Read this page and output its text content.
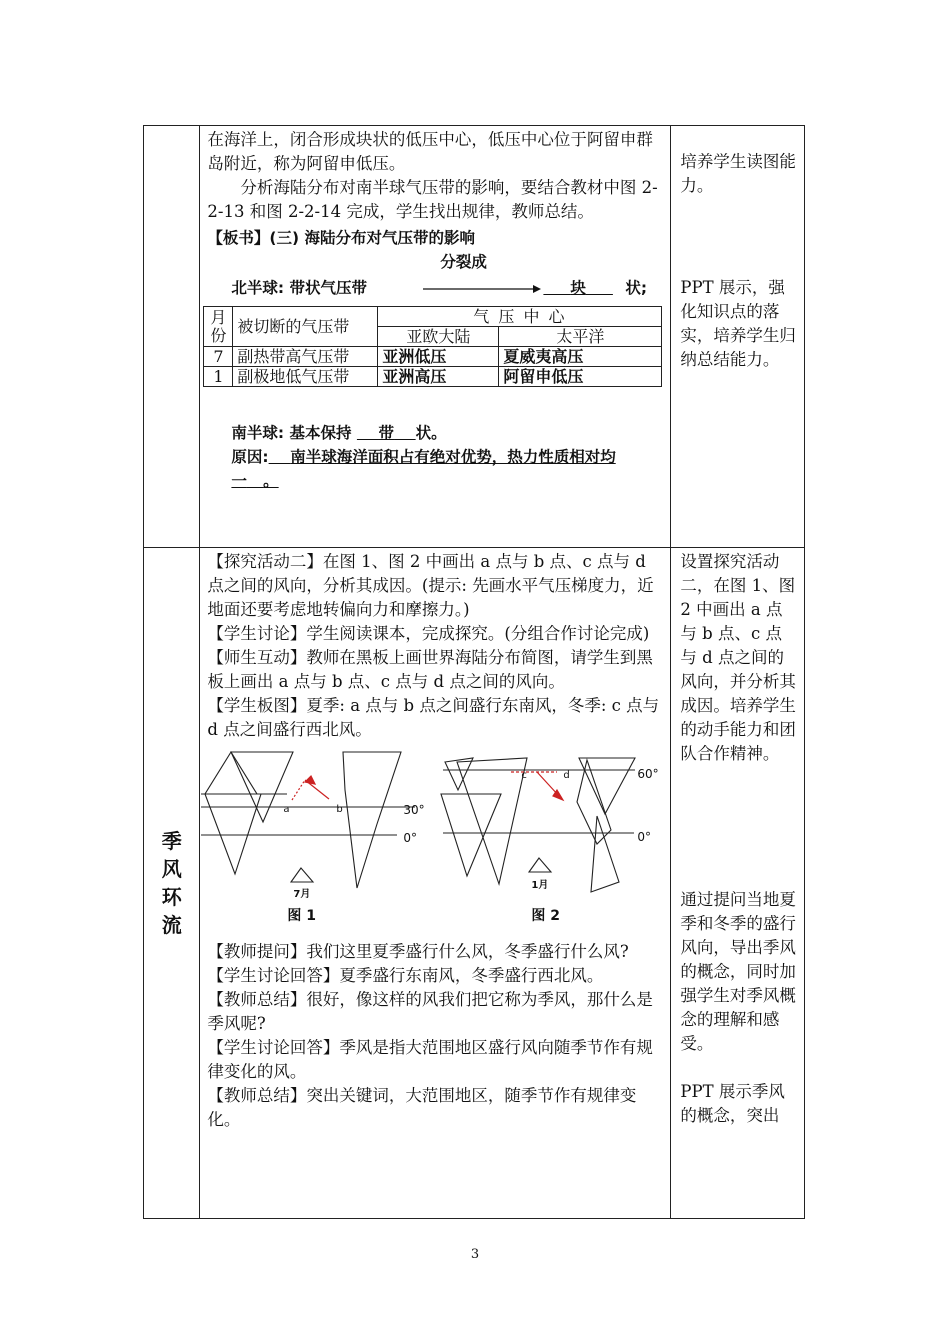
在海洋上，闭合形成块状的低压中心，低压中心位于阿留申群岛附近，称为阿留申低压。

分析海陆分布对南半球气压带的影响，要结合教材中图 2-2-13 和图 2-2-14 完成，学生找出规律，教师总结。

【板书】(三) 海陆分布对气压带的影响

分裂成

北半球: 带状气压带	块	状;

月份	被切断的气压带	气 压 中 心
亚欧大陆	太平洋
7	副热带高气压带	亚洲低压	夏威夷高压
1	副极地低气压带	亚洲高压	阿留申低压

南半球: 基本保持 带 状。

原因: 南半球海洋面积占有绝对优势，热力性质相对均一 。

培养学生读图能力。

PPT 展示，强化知识点的落实，培养学生归纳总结能力。

季风环流

【探究活动二】在图 1、图 2 中画出 a 点与 b 点、c 点与 d 点之间的风向，分析其成因。(提示: 先画水平气压梯度力，近地面还要考虑地转偏向力和摩擦力。)

【学生讨论】学生阅读课本，完成探究。(分组合作讨论完成)

【师生互动】教师在黑板上画世界海陆分布简图，请学生到黑板上画出 a 点与 b 点、c 点与 d 点之间的风向。

【学生板图】夏季: a 点与 b 点之间盛行东南风，冬季: c 点与 d 点之间盛行西北风。

a	b	30°
0°
7月
c	d	60°
0°
1月
图 1	图 2

【教师提问】我们这里夏季盛行什么风，冬季盛行什么风?

【学生讨论回答】夏季盛行东南风，冬季盛行西北风。

【教师总结】很好，像这样的风我们把它称为季风，那什么是季风呢?

【学生讨论回答】季风是指大范围地区盛行风向随季节作有规律变化的风。

【教师总结】突出关键词，大范围地区，随季节作有规律变化。

设置探究活动二，在图 1、图 2 中画出 a 点与 b 点、c 点与 d 点之间的风向，并分析其成因。培养学生的动手能力和团队合作精神。

通过提问当地夏季和冬季的盛行风向，导出季风的概念，同时加强学生对季风概念的理解和感受。

PPT 展示季风的概念，突出

3
